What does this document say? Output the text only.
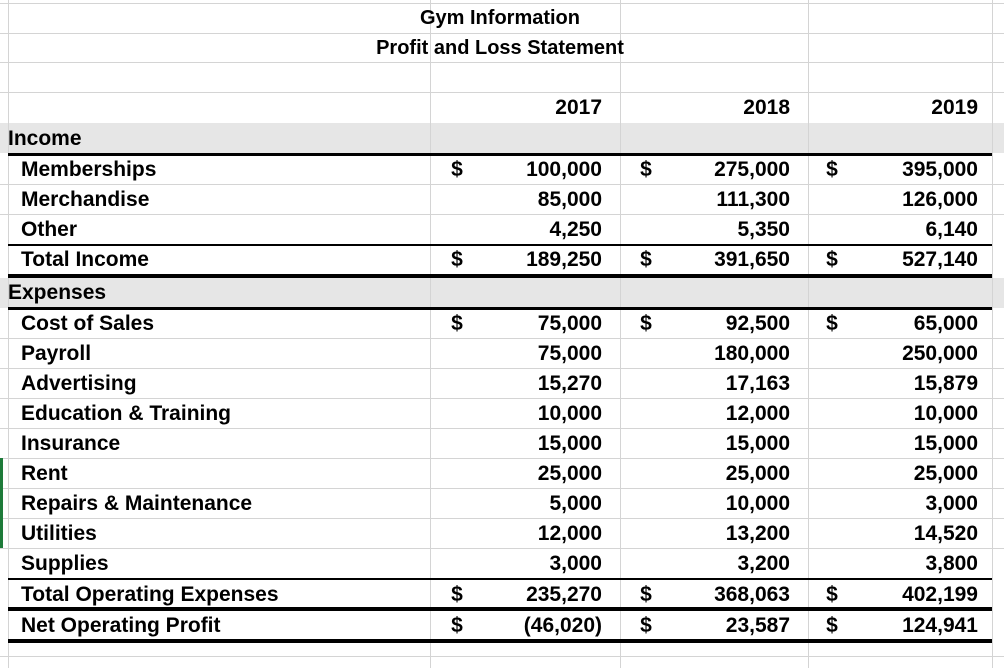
Gym Information
Profit and Loss Statement
2017	2018	2019
Income
Expenses
Memberships	$	100,000 $	275,000 $	395,000
Merchandise	85,000	111,300	126,000
Other	4,250	5,350	6,140
Total Income	$	189,250 $	391,650 $	527,140
Cost of Sales	$	75,000 $	92,500 $	65,000
Payroll	75,000	180,000	250,000
Advertising	15,270	17,163	15,879
Education & Training	10,000	12,000	10,000
Insurance	15,000	15,000	15,000
Rent	25,000	25,000	25,000
Repairs & Maintenance	5,000	10,000	3,000
Utilities	12,000	13,200	14,520
Supplies	3,000	3,200	3,800
Total Operating Expenses	$	235,270 $	368,063 $	402,199
Net Operating Profit	$	(46,020) $	23,587 $	124,941
